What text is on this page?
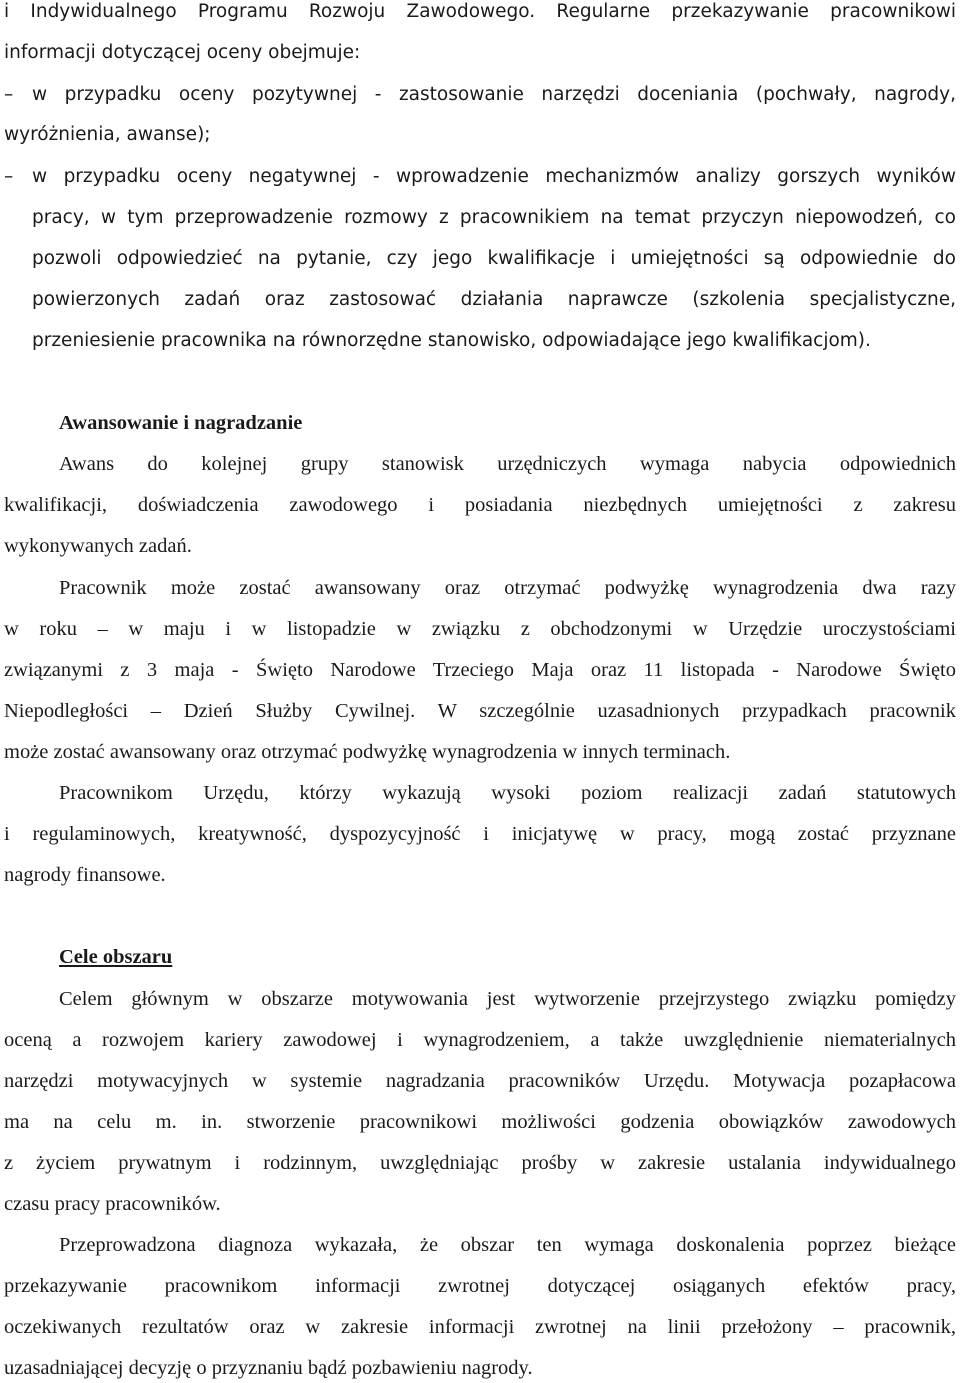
i Indywidualnego Programu Rozwoju Zawodowego. Regularne przekazywanie pracownikowi
informacji dotyczącej oceny obejmuje:
–	w przypadku oceny pozytywnej - zastosowanie narzędzi doceniania (pochwały, nagrody,
wyróżnienia, awanse);
–	w przypadku oceny negatywnej - wprowadzenie mechanizmów analizy gorszych wyników
pracy, w tym przeprowadzenie rozmowy z pracownikiem na temat przyczyn niepowodzeń, co
pozwoli odpowiedzieć na pytanie, czy jego kwalifikacje i umiejętności są odpowiednie do
powierzonych zadań oraz zastosować działania naprawcze (szkolenia specjalistyczne,
przeniesienie pracownika na równorzędne stanowisko, odpowiadające jego kwalifikacjom).
Awansowanie i nagradzanie
Awans do kolejnej grupy stanowisk urzędniczych wymaga nabycia odpowiednich
kwalifikacji, doświadczenia zawodowego i posiadania niezbędnych umiejętności z zakresu
wykonywanych zadań.
Pracownik może zostać awansowany oraz otrzymać podwyżkę wynagrodzenia dwa razy
w roku – w maju i w listopadzie w związku z obchodzonymi w Urzędzie uroczystościami
związanymi z 3 maja - Święto Narodowe Trzeciego Maja oraz 11 listopada - Narodowe Święto
Niepodległości – Dzień Służby Cywilnej. W szczególnie uzasadnionych przypadkach pracownik
może zostać awansowany oraz otrzymać podwyżkę wynagrodzenia w innych terminach.
Pracownikom Urzędu, którzy wykazują wysoki poziom realizacji zadań statutowych
i regulaminowych, kreatywność, dyspozycyjność i inicjatywę w pracy, mogą zostać przyznane
nagrody finansowe.
Cele obszaru
Celem głównym w obszarze motywowania jest wytworzenie przejrzystego związku pomiędzy
oceną a rozwojem kariery zawodowej i wynagrodzeniem, a także uwzględnienie niematerialnych
narzędzi motywacyjnych w systemie nagradzania pracowników Urzędu. Motywacja pozapłacowa
ma na celu m. in. stworzenie pracownikowi możliwości godzenia obowiązków zawodowych
z życiem prywatnym i rodzinnym, uwzględniając prośby w zakresie ustalania indywidualnego
czasu pracy pracowników.
Przeprowadzona diagnoza wykazała, że obszar ten wymaga doskonalenia poprzez bieżące
przekazywanie pracownikom informacji zwrotnej dotyczącej osiąganych efektów pracy,
oczekiwanych rezultatów oraz w zakresie informacji zwrotnej na linii przełożony – pracownik,
uzasadniającej decyzję o przyznaniu bądź pozbawieniu nagrody.
